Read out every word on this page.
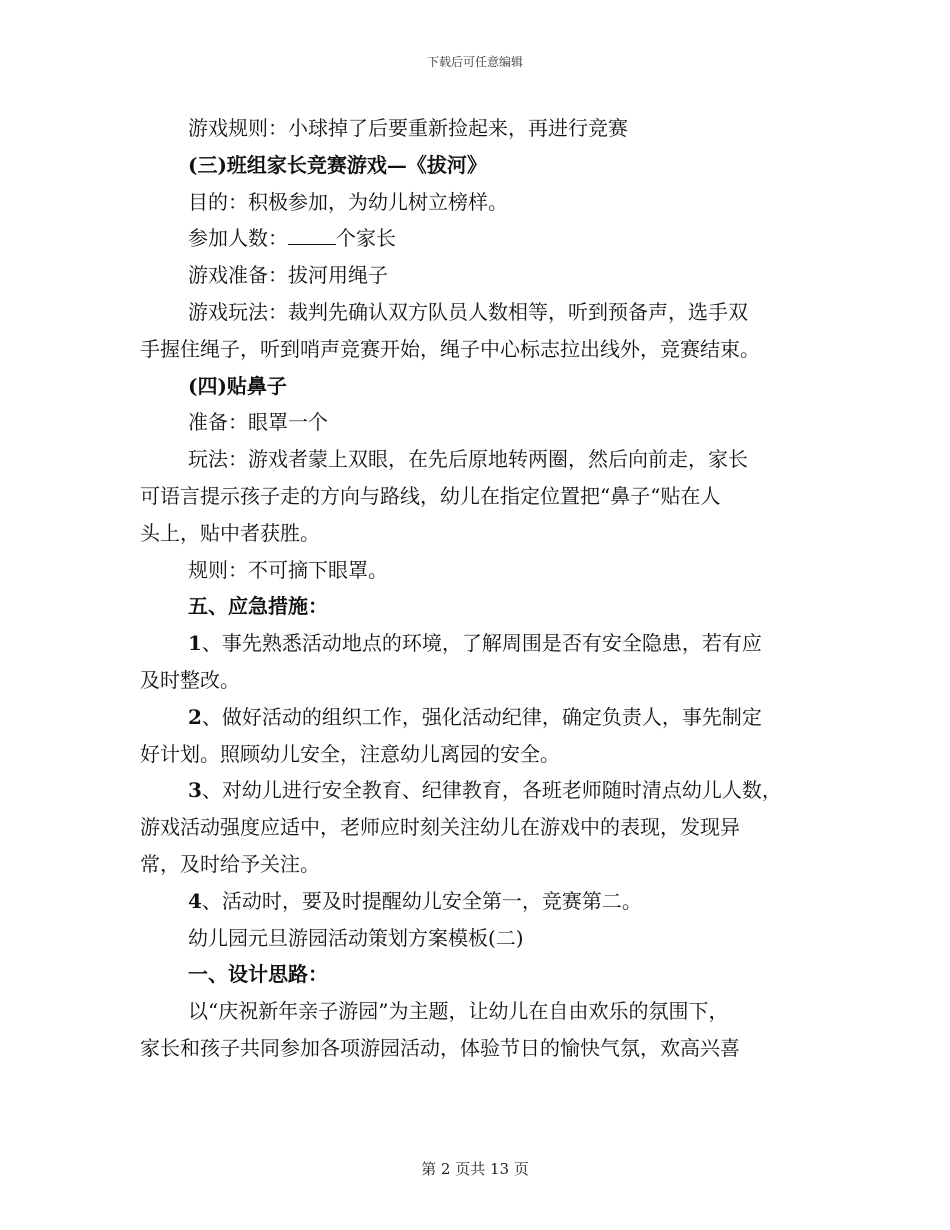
下载后可任意编辑

游戏规则：小球掉了后要重新捡起来，再进行竞赛

(三)班组家长竞赛游戏—《拔河》

目的：积极参加，为幼儿树立榜样。

参加人数： 个家长

游戏准备：拔河用绳子

游戏玩法：裁判先确认双方队员人数相等，听到预备声，选手双

手握住绳子，听到哨声竞赛开始，绳子中心标志拉出线外，竞赛结束。

(四)贴鼻子

准备：眼罩一个

玩法：游戏者蒙上双眼，在先后原地转两圈，然后向前走，家长

可语言提示孩子走的方向与路线，幼儿在指定位置把“鼻子“贴在人

头上，贴中者获胜。

规则：不可摘下眼罩。

五、应急措施：

1、事先熟悉活动地点的环境，了解周围是否有安全隐患，若有应

及时整改。

2、做好活动的组织工作，强化活动纪律，确定负责人，事先制定

好计划。照顾幼儿安全，注意幼儿离园的安全。

3、对幼儿进行安全教育、纪律教育，各班老师随时清点幼儿人数，

游戏活动强度应适中，老师应时刻关注幼儿在游戏中的表现，发现异

常，及时给予关注。

4、活动时，要及时提醒幼儿安全第一，竞赛第二。

幼儿园元旦游园活动策划方案模板(二)

一、设计思路：

以“庆祝新年亲子游园”为主题，让幼儿在自由欢乐的氛围下，

家长和孩子共同参加各项游园活动，体验节日的愉快气氛，欢高兴喜

第 2 页共 13 页
